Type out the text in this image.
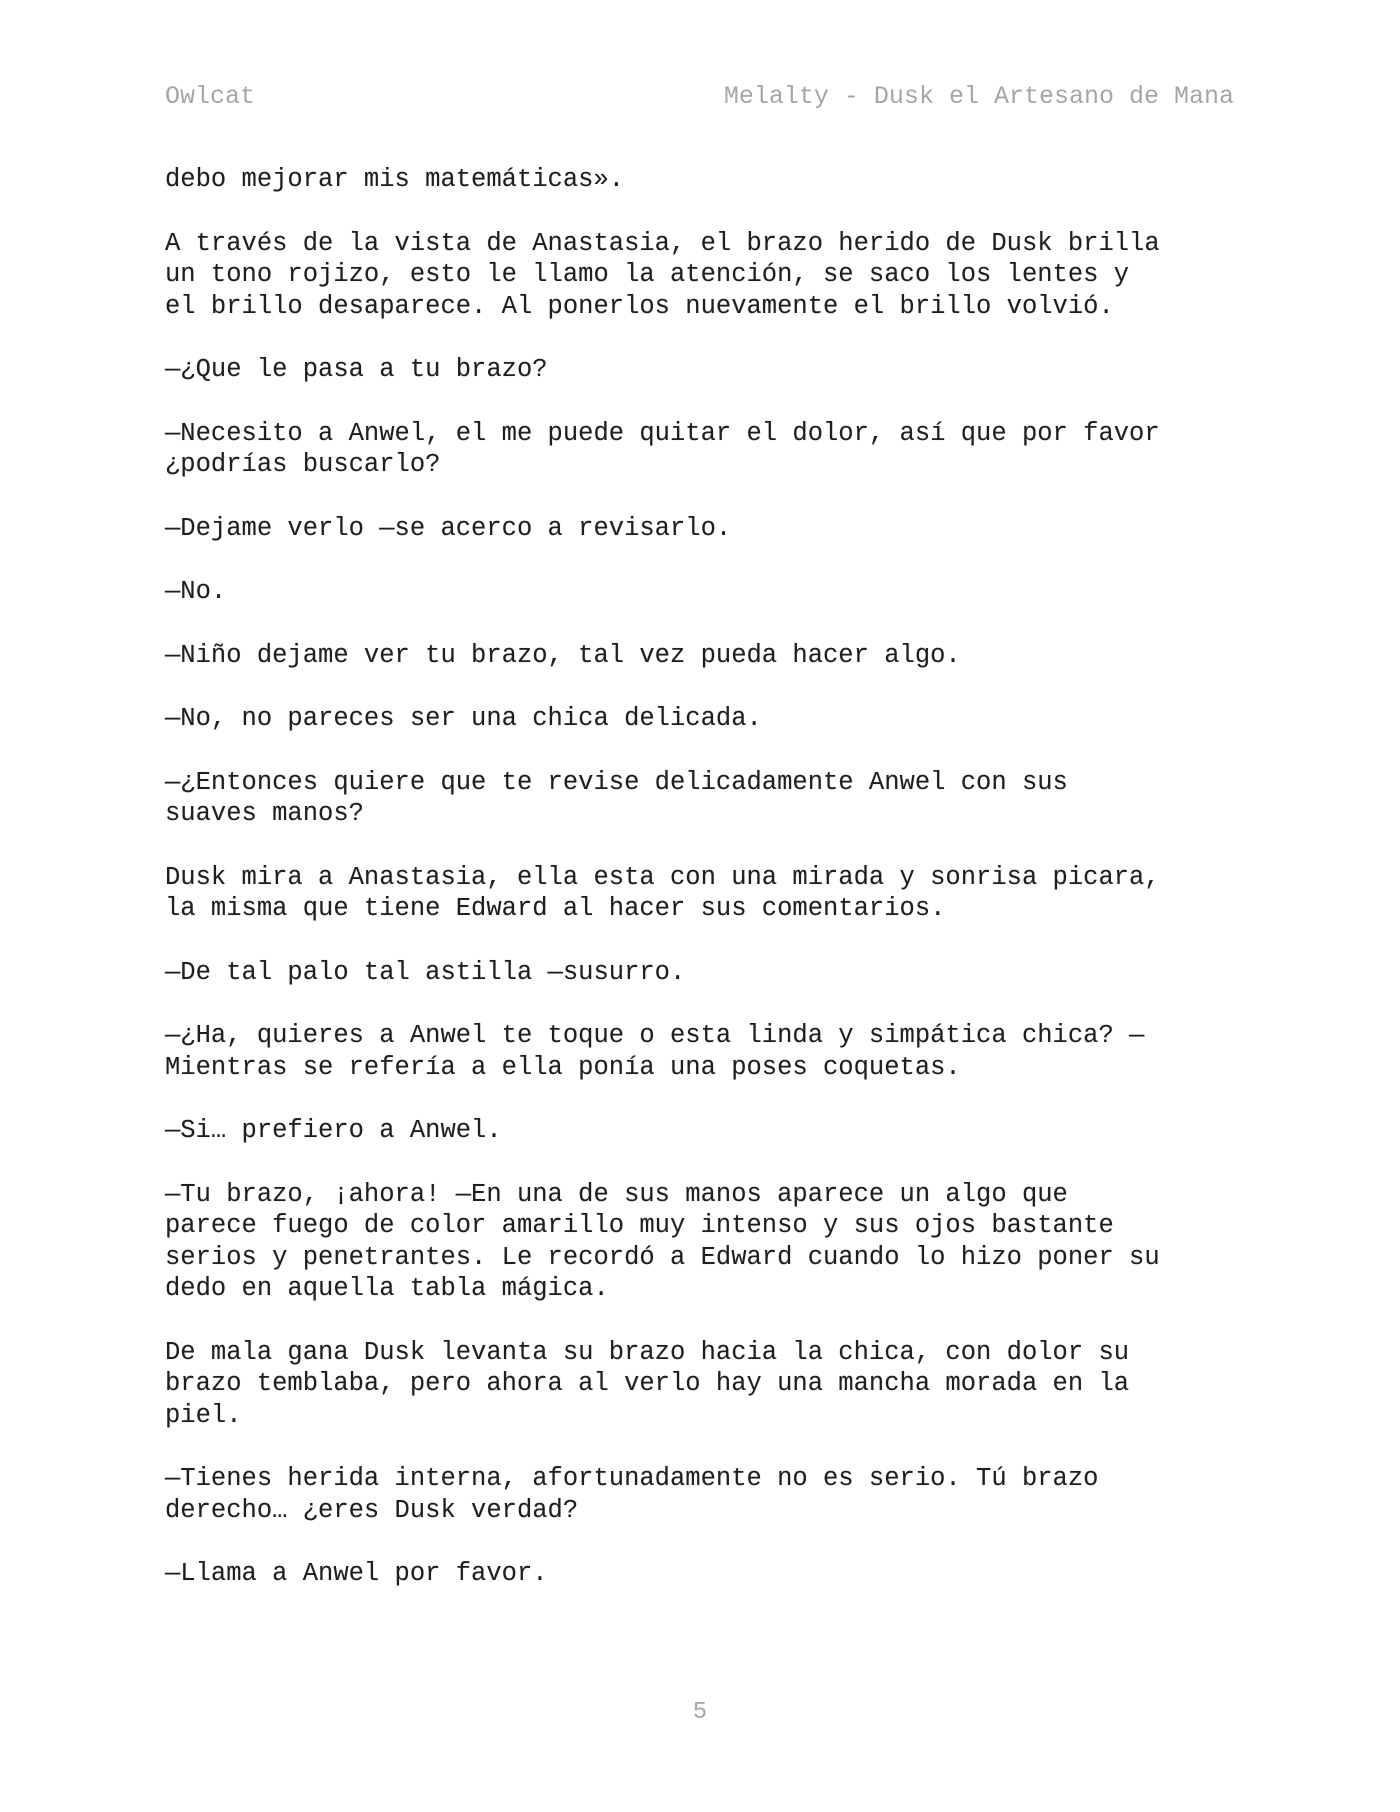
Owlcat	Melalty - Dusk el Artesano de Mana
debo mejorar mis matemáticas».
A través de la vista de Anastasia, el brazo herido de Dusk brilla
un tono rojizo, esto le llamo la atención, se saco los lentes y
el brillo desaparece. Al ponerlos nuevamente el brillo volvió.
—¿Que le pasa a tu brazo?
—Necesito a Anwel, el me puede quitar el dolor, así que por favor
¿podrías buscarlo?
—Dejame verlo —se acerco a revisarlo.
—No.
—Niño dejame ver tu brazo, tal vez pueda hacer algo.
—No, no pareces ser una chica delicada.
—¿Entonces quiere que te revise delicadamente Anwel con sus
suaves manos?
Dusk mira a Anastasia, ella esta con una mirada y sonrisa picara,
la misma que tiene Edward al hacer sus comentarios.
—De tal palo tal astilla —susurro.
—¿Ha, quieres a Anwel te toque o esta linda y simpática chica? —
Mientras se refería a ella ponía una poses coquetas.
—Si… prefiero a Anwel.
—Tu brazo, ¡ahora! —En una de sus manos aparece un algo que
parece fuego de color amarillo muy intenso y sus ojos bastante
serios y penetrantes. Le recordó a Edward cuando lo hizo poner su
dedo en aquella tabla mágica.
De mala gana Dusk levanta su brazo hacia la chica, con dolor su
brazo temblaba, pero ahora al verlo hay una mancha morada en la
piel.
—Tienes herida interna, afortunadamente no es serio. Tú brazo
derecho… ¿eres Dusk verdad?
—Llama a Anwel por favor.
5
